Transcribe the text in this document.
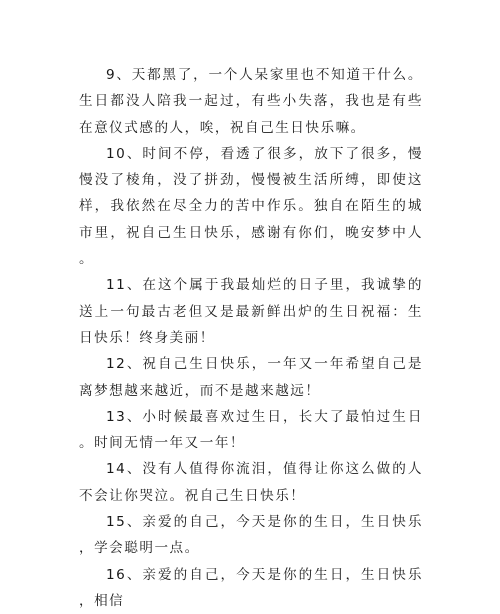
9、天都黑了，一个人呆家里也不知道干什么。生日都没人陪我一起过，有些小失落，我也是有些在意仪式感的人，唉，祝自己生日快乐嘛。

10、时间不停，看透了很多，放下了很多，慢慢没了棱角，没了拼劲，慢慢被生活所缚，即使这样，我依然在尽全力的苦中作乐。独自在陌生的城市里，祝自己生日快乐，感谢有你们，晚安梦中人。

11、在这个属于我最灿烂的日子里，我诚挚的送上一句最古老但又是最新鲜出炉的生日祝福：生日快乐！终身美丽！

12、祝自己生日快乐，一年又一年希望自己是离梦想越来越近，而不是越来越远！

13、小时候最喜欢过生日，长大了最怕过生日。时间无情一年又一年！

14、没有人值得你流泪，值得让你这么做的人不会让你哭泣。祝自己生日快乐！

15、亲爱的自己，今天是你的生日，生日快乐，学会聪明一点。

16、亲爱的自己，今天是你的生日，生日快乐，相信
